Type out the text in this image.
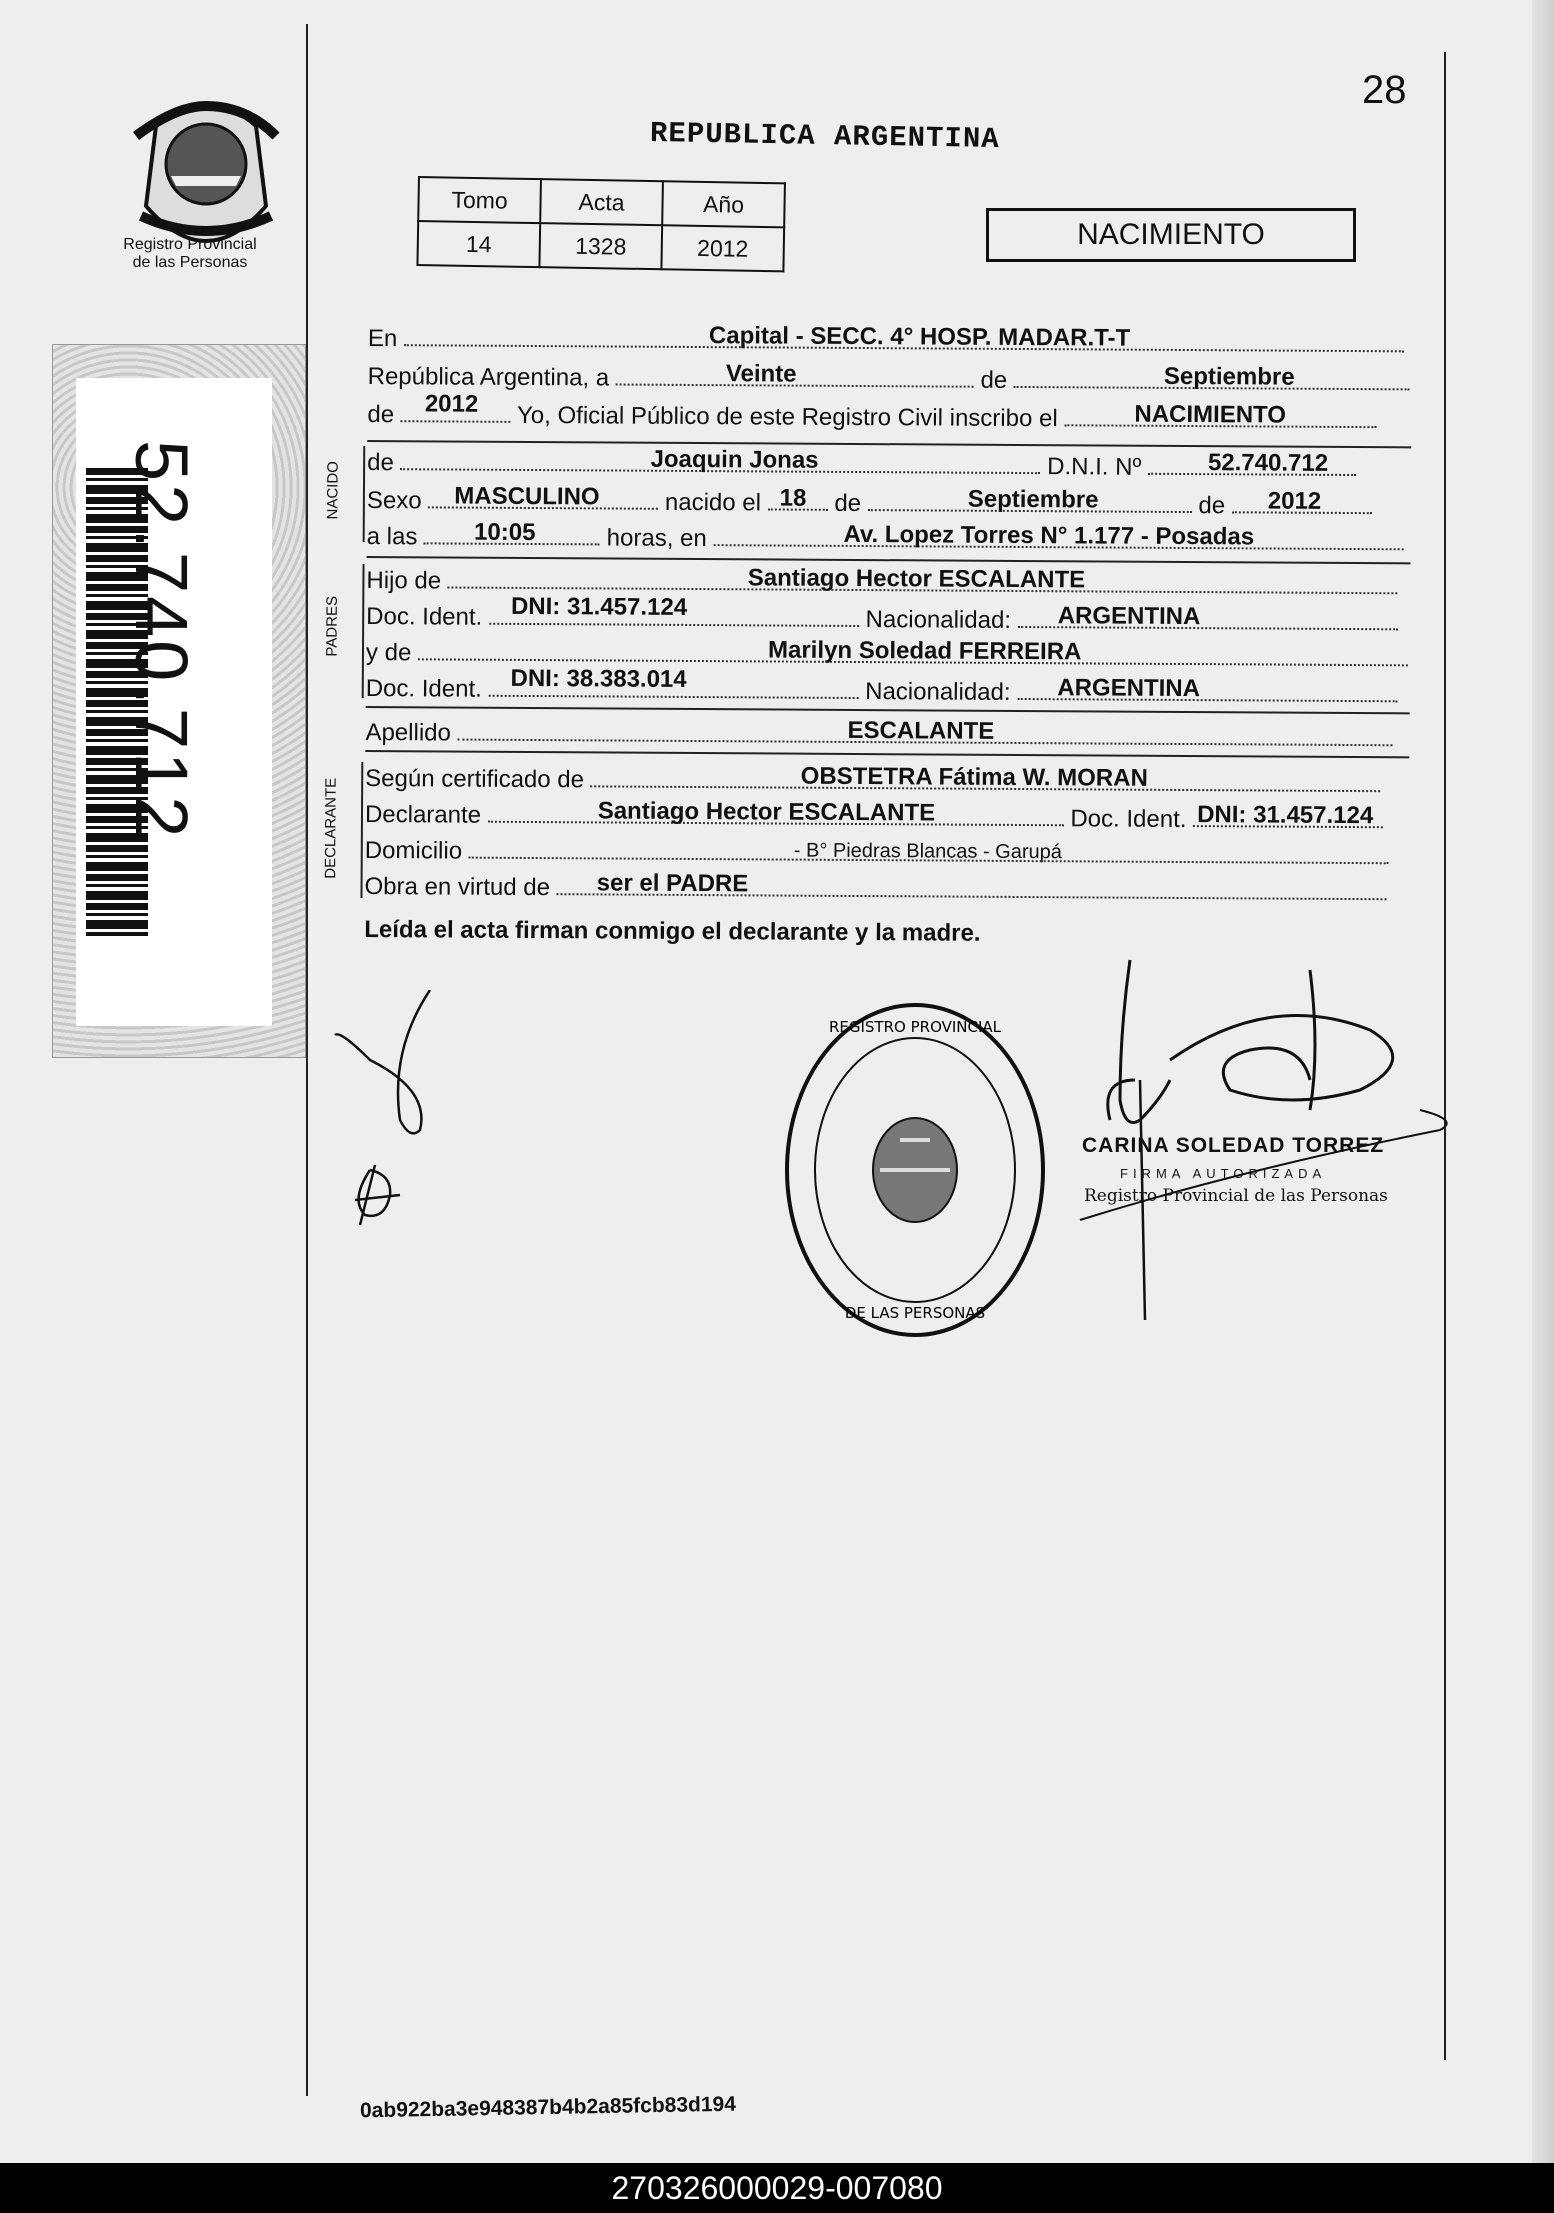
Registro Provincial
de las Personas
28
REPUBLICA ARGENTINA
Tomo	Acta	Año
14	1328	2012	NACIMIENTO
52.740.712
En	Capital - SECC. 4° HOSP. MADAR.T-T
República Argentina, a	Veinte	de	Septiembre
de 2012 Yo, Oficial Público de este Registro Civil inscribo el	NACIMIENTO
NACIDO de	Joaquin Jonas	D.N.I. Nº	52.740.712
Sexo MASCULINO	nacido el 18 de	Septiembre	de 2012
a las 10:05	horas, en	Av. Lopez Torres N° 1.177 - Posadas
PADRES
Hijo de	Santiago Hector ESCALANTE
Doc. Ident. DNI: 31.457.124	Nacionalidad: ARGENTINA
y de	Marilyn Soledad FERREIRA
Doc. Ident. DNI: 38.383.014	Nacionalidad: ARGENTINA
Apellido	ESCALANTE
DECLARANTE Según certificado de	OBSTETRA Fátima W. MORAN
Declarante	Santiago Hector ESCALANTE	Doc. Ident. DNI: 31.457.124
Domicilio	- B° Piedras Blancas - Garupá
Obra en virtud de ser el PADRE
Leída el acta firman conmigo el declarante y la madre.
REGISTRO PROVINCIAL
DE LAS PERSONAS
CARINA SOLEDAD TORREZ
FIRMA AUTORIZADA
Registro Provincial de las Personas
0ab922ba3e948387b4b2a85fcb83d194
270326000029-007080
